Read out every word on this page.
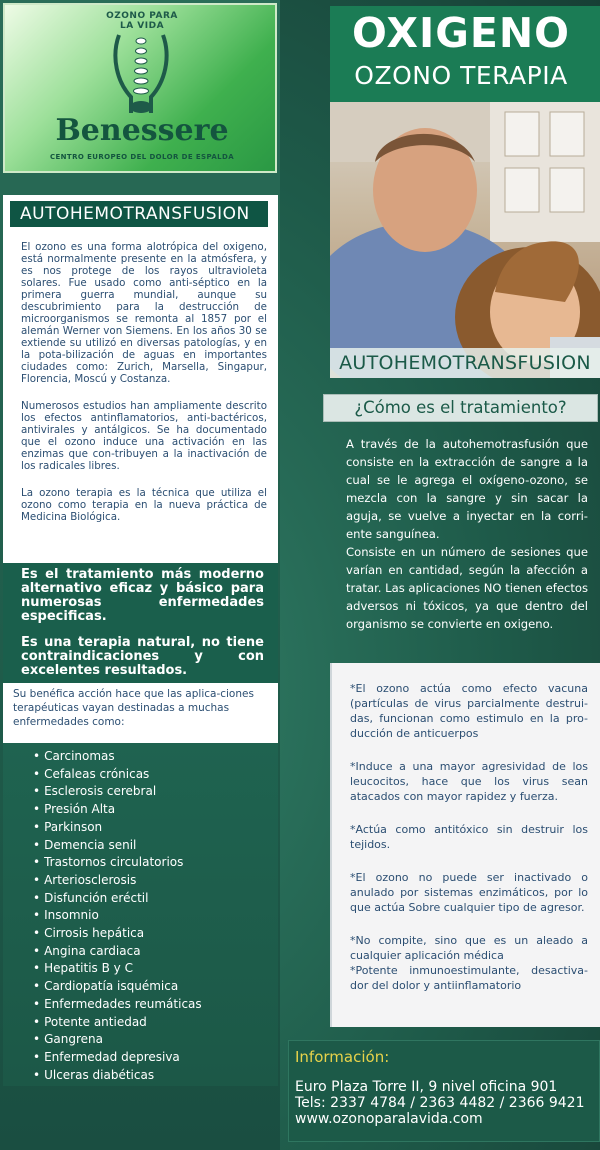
OZONO PARA LA VIDA
Benessere
CENTRO EUROPEO DEL DOLOR DE ESPALDA
AUTOHEMOTRANSFUSION

El ozono es una forma alotrópica del oxigeno, está normalmente presente en la atmósfera, y es nos protege de los rayos ultravioleta solares. Fue usado como anti-séptico en la primera guerra mundial, aunque su descubrimiento para la destrucción de microorganismos se remonta al 1857 por el alemán Werner von Siemens. En los años 30 se extiende su utilizó en diversas patologías, y en la pota-bilización de aguas en importantes ciudades como: Zurich, Marsella, Singapur, Florencia, Moscú y Costanza.

Numerosos estudios han ampliamente descrito los efectos antinflamatorios, anti-bactéricos, antivirales y antálgicos. Se ha documentado que el ozono induce una activación en las enzimas que con-tribuyen a la inactivación de los radicales libres.

La ozono terapia es la técnica que utiliza el ozono como terapia en la nueva práctica de Medicina Biológica.

Es el tratamiento más moderno alternativo eficaz y básico para numerosas enfermedades especificas.

Es una terapia natural, no tiene contraindicaciones y con excelentes resultados.

Su benéfica acción hace que las aplica-ciones terapéuticas vayan destinadas a muchas enfermedades como:
• Carcinomas
• Cefaleas crónicas
• Esclerosis cerebral
• Presión Alta
• Parkinson
• Demencia senil
• Trastornos circulatorios
• Arteriosclerosis
• Disfunción eréctil
• Insomnio
• Cirrosis hepática
• Angina cardiaca
• Hepatitis B y C
• Cardiopatía isquémica
• Enfermedades reumáticas
• Potente antiedad
• Gangrena
• Enfermedad depresiva
• Ulceras diabéticas
OXIGENO
OZONO TERAPIA
AUTOHEMOTRANSFUSION
¿Cómo es el tratamiento?

A través de la autohemotrasfusión que consiste en la extracción de sangre a la cual se le agrega el oxígeno-ozono, se mezcla con la sangre y sin sacar la aguja, se vuelve a inyectar en la corri-ente sanguínea.

Consiste en un número de sesiones que varían en cantidad, según la afección a tratar. Las aplicaciones NO tienen efectos adversos ni tóxicos, ya que dentro del organismo se convierte en oxigeno.

*El ozono actúa como efecto vacuna (partículas de virus parcialmente destrui-das, funcionan como estimulo en la pro-ducción de anticuerpos

*Induce a una mayor agresividad de los leucocitos, hace que los virus sean atacados con mayor rapidez y fuerza.

*Actúa como antitóxico sin destruir los tejidos.

*El ozono no puede ser inactivado o anulado por sistemas enzimáticos, por lo que actúa Sobre cualquier tipo de agresor.

*No compite, sino que es un aleado a cualquier aplicación médica

*Potente inmunoestimulante, desactiva-dor del dolor y antiinflamatorio

Información:
Euro Plaza Torre II, 9 nivel oficina 901
Tels: 2337 4784 / 2363 4482 / 2366 9421
www.ozonoparalavida.com
